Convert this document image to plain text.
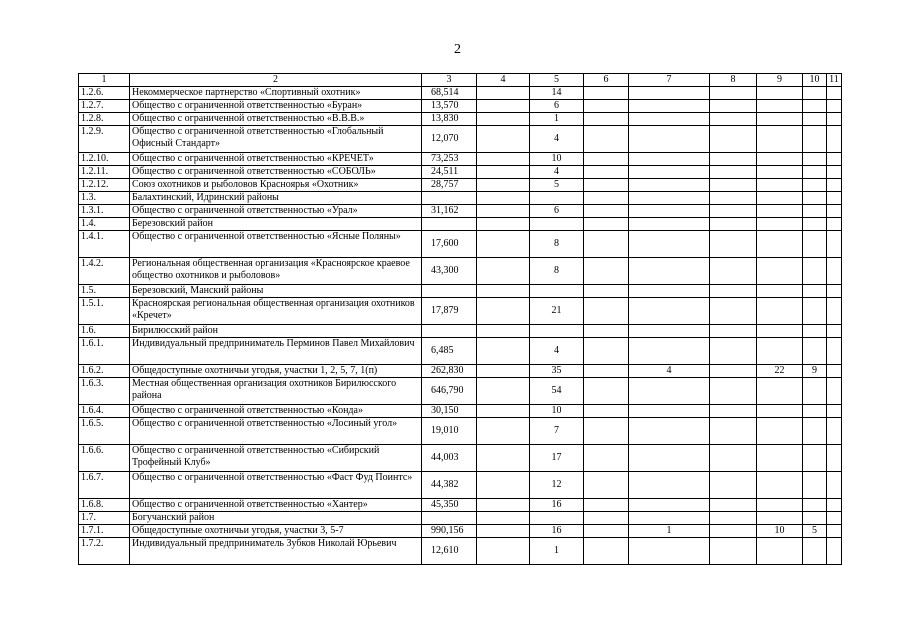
2
1	2	3	4	5	6	7	8	9	10	11
1.2.6.	Некоммерческое партнерство «Спортивный охотник»	68,514		14						
1.2.7.	Общество с ограниченной ответственностью «Буран»	13,570		6						
1.2.8.	Общество с ограниченной ответственностью «В.В.В.»	13,830		1						
1.2.9.	Общество с ограниченной ответственностью «Глобальный Офисный Стандарт»	12,070		4						
1.2.10.	Общество с ограниченной ответственностью «КРЕЧЕТ»	73,253		10						
1.2.11.	Общество с ограниченной ответственностью «СОБОЛЬ»	24,511		4						
1.2.12.	Союз охотников и рыболовов Красноярья «Охотник»	28,757		5						
1.3.	Балахтинский, Идринский районы									
1.3.1.	Общество с ограниченной ответственностью «Урал»	31,162		6						
1.4.	Березовский район									
1.4.1.	Общество с ограниченной ответственностью «Ясные Поляны»	17,600		8						
1.4.2.	Региональная общественная организация «Красноярское краевое общество охотников и рыболовов»	43,300		8						
1.5.	Березовский, Манский районы									
1.5.1.	Красноярская региональная общественная организация охотников «Кречет»	17,879		21						
1.6.	Бирилюсский район									
1.6.1.	Индивидуальный предприниматель Перминов Павел Михайлович	6,485		4						
1.6.2.	Общедоступные охотничьи угодья, участки 1, 2, 5, 7, 1(п)	262,830		35		4		22	9	
1.6.3.	Местная общественная организация охотников Бирилюсского района	646,790		54						
1.6.4.	Общество с ограниченной ответственностью «Конда»	30,150		10						
1.6.5.	Общество с ограниченной ответственностью «Лосиный угол»	19,010		7						
1.6.6.	Общество с ограниченной ответственностью «Сибирский Трофейный Клуб»	44,003		17						
1.6.7.	Общество с ограниченной ответственностью «Фаст Фуд Поинтс»	44,382		12						
1.6.8.	Общество с ограниченной ответственностью «Хантер»	45,350		16						
1.7.	Богучанский район									
1.7.1.	Общедоступные охотничьи угодья, участки 3, 5-7	990,156		16		1		10	5	
1.7.2.	Индивидуальный предприниматель Зубков Николай Юрьевич	12,610		1						
